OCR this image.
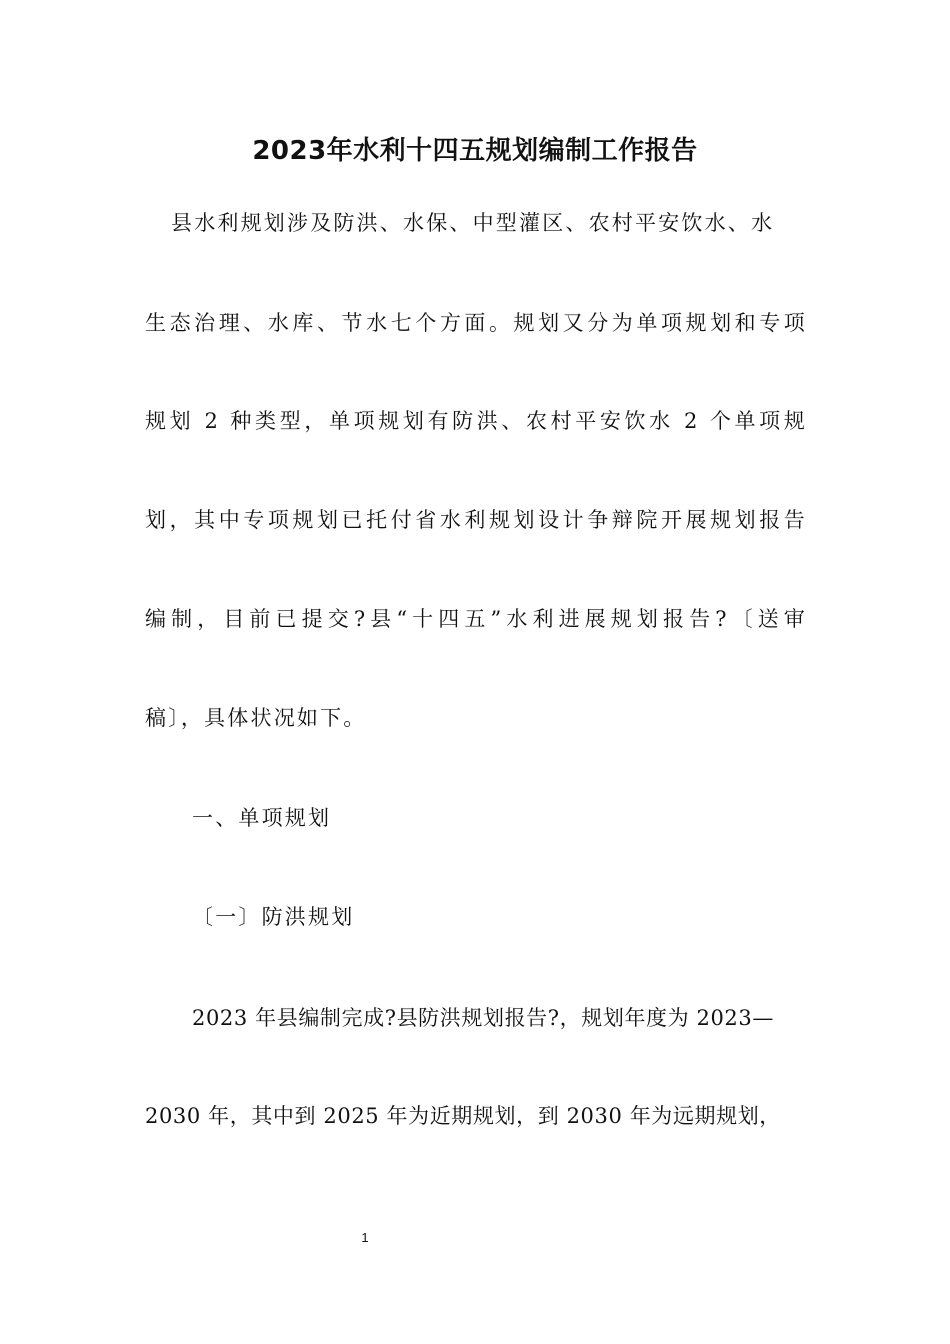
2023年水利十四五规划编制工作报告
县水利规划涉及防洪、水保、中型灌区、农村平安饮水、水
生态治理、水库、节水七个方面。规划又分为单项规划和专项
规划 2 种类型，单项规划有防洪、农村平安饮水 2 个单项规
划，其中专项规划已托付省水利规划设计争辩院开展规划报告
编制，目前已提交?县“十四五”水利进展规划报告?〔送审
稿〕，具体状况如下。
一、单项规划
〔一〕防洪规划
2023 年县编制完成?县防洪规划报告?，规划年度为 2023—
2030 年，其中到 2025 年为近期规划，到 2030 年为远期规划，
1
